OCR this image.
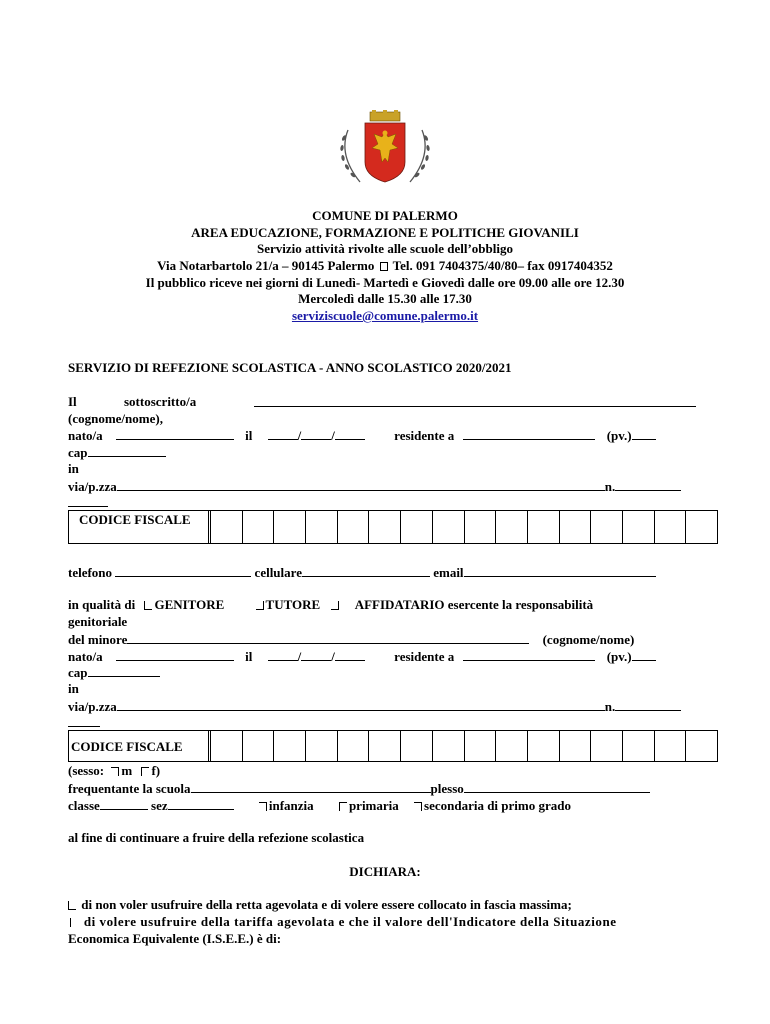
COMUNE DI PALERMO
AREA EDUCAZIONE, FORMAZIONE E POLITICHE GIOVANILI
Servizio attività rivolte alle scuole dell’obbligo
Via Notarbartolo 21/a – 90145 Palermo Tel. 091 7404375/40/80– fax 0917404352
Il pubblico riceve nei giorni di Lunedì- Martedì e Giovedì dalle ore 09.00 alle ore 12.30
Mercoledì dalle 15.30 alle 17.30
serviziscuole@comune.palermo.it
SERVIZIO DI REFEZIONE SCOLASTICA - ANNO SCOLASTICO 2020/2021
Il	sottoscritto/a
(cognome/nome),
nato/a	il	/ /	residente a	(pv.)
cap
in
via/p.zza	n.
CODICE FISCALE
telefono	cellulare	email
in qualità di GENITORE	TUTORE	AFFIDATARIO esercente la responsabilità
genitoriale
del minore	(cognome/nome)
nato/a	il	/ /	residente a	(pv.)
cap
in
via/p.zza	n.
CODICE FISCALE
(sesso: m f)
frequentante la scuola	plesso
classe	sez	infanzia	primaria secondaria di primo grado
al fine di continuare a fruire della refezione scolastica
DICHIARA:
di non voler usufruire della retta agevolata e di volere essere collocato in fascia massima;
di volere usufruire della tariffa agevolata e che il valore dell'Indicatore della Situazione
Economica Equivalente (I.S.E.E.) è di:
